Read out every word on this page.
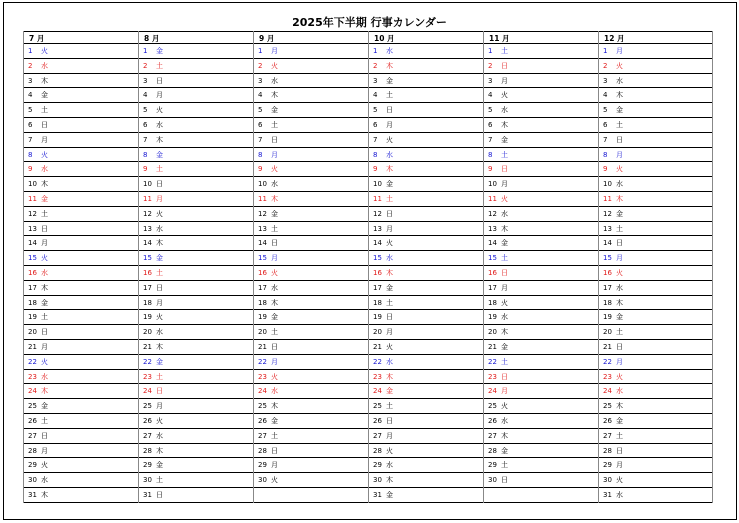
2025年下半期 行事カレンダー
7 月
1 火
2 水
3 木
4 金
5 土
6 日
7 月
8 火
9 水
10 木
11 金
12 土
13 日
14 月
15 火
16 水
17 木
18 金
19 土
20 日
21 月
22 火
23 水
24 木
25 金
26 土
27 日
28 月
29 火
30 水
31 木
8 月
1 金
2 土
3 日
4 月
5 火
6 水
7 木
8 金
9 土
10 日
11 月
12 火
13 水
14 木
15 金
16 土
17 日
18 月
19 火
20 水
21 木
22 金
23 土
24 日
25 月
26 火
27 水
28 木
29 金
30 土
31 日
9 月
1 月
2 火
3 水
4 木
5 金
6 土
7 日
8 月
9 火
10 水
11 木
12 金
13 土
14 日
15 月
16 火
17 水
18 木
19 金
20 土
21 日
22 月
23 火
24 水
25 木
26 金
27 土
28 日
29 月
30 火
10 月
1 水
2 木
3 金
4 土
5 日
6 月
7 火
8 水
9 木
10 金
11 土
12 日
13 月
14 火
15 水
16 木
17 金
18 土
19 日
20 月
21 火
22 水
23 木
24 金
25 土
26 日
27 月
28 火
29 水
30 木
31 金
11 月
1 土
2 日
3 月
4 火
5 水
6 木
7 金
8 土
9 日
10 月
11 火
12 水
13 木
14 金
15 土
16 日
17 月
18 火
19 水
20 木
21 金
22 土
23 日
24 月
25 火
26 水
27 木
28 金
29 土
30 日
12 月
1 月
2 火
3 水
4 木
5 金
6 土
7 日
8 月
9 火
10 水
11 木
12 金
13 土
14 日
15 月
16 火
17 水
18 木
19 金
20 土
21 日
22 月
23 火
24 水
25 木
26 金
27 土
28 日
29 月
30 火
31 水
